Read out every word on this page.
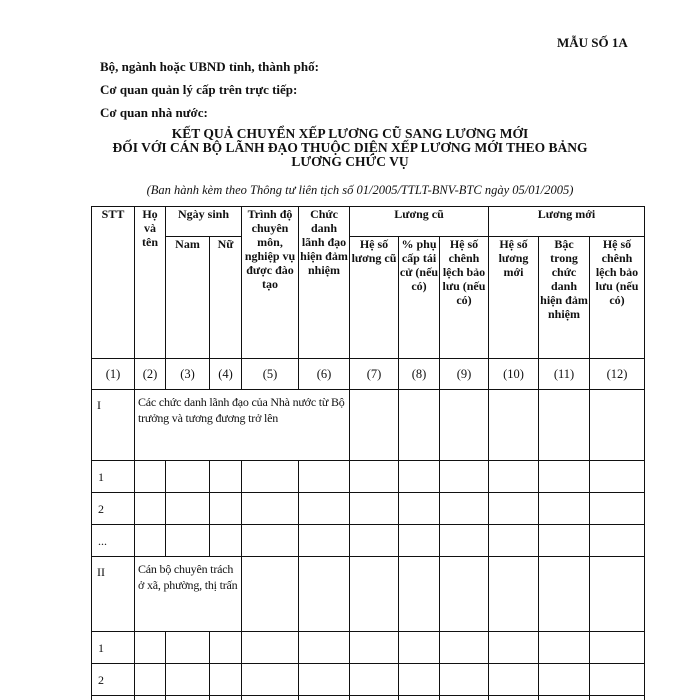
MẪU SỐ 1A
Bộ, ngành hoặc UBND tỉnh, thành phố:
Cơ quan quản lý cấp trên trực tiếp:
Cơ quan nhà nước:
KẾT QUẢ CHUYỂN XẾP LƯƠNG CŨ SANG LƯƠNG MỚI
ĐỐI VỚI CÁN BỘ LÃNH ĐẠO THUỘC DIỆN XẾP LƯƠNG MỚI THEO BẢNG
LƯƠNG CHỨC VỤ
(Ban hành kèm theo Thông tư liên tịch số 01/2005/TTLT-BNV-BTC ngày 05/01/2005)
STT	Họ và tên	Ngày sinh		Trình độ chuyên môn, nghiệp vụ được đào tạo	Chức danh lãnh đạo hiện đảm nhiệm	Lương cũ			Lương mới		
		Nam	Nữ			Hệ số lương cũ	% phụ cấp tái cử (nếu có)	Hệ số chênh lệch bảo lưu (nếu có)	Hệ số lương mới	Bậc trong chức danh hiện đảm nhiệm	Hệ số chênh lệch bảo lưu (nếu có)
(1)	(2)	(3)	(4)	(5)	(6)	(7)	(8)	(9)	(10)	(11)	(12)
I	Các chức danh lãnh đạo của Nhà nước từ Bộ trưởng và tương đương trở lên										
1											
2											
...											
II	Cán bộ chuyên trách ở xã, phường, thị trấn										
1											
2											
